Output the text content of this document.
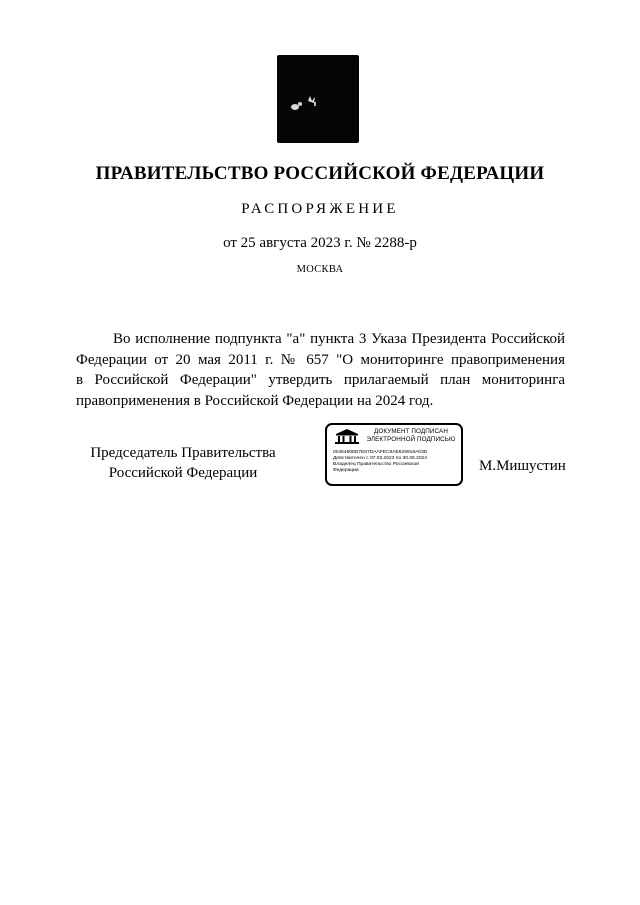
ПРАВИТЕЛЬСТВО РОССИЙСКОЙ ФЕДЕРАЦИИ
РАСПОРЯЖЕНИЕ
от 25 августа 2023 г. № 2288-р
МОСКВА

Во исполнение подпункта "а" пункта 3 Указа Президента Российской
Федерации от 20 мая 2011 г. № 657 "О мониторинге правоприменения
в Российской Федерации" утвердить прилагаемый план мониторинга
правоприменения в Российской Федерации на 2024 год.

Председатель Правительства
Российской Федерации
ДОКУМЕНТ ПОДПИСАН
ЭЛЕКТРОННОЙ ПОДПИСЬЮ
00454808D7E67DAAFEC9AE829918A03D
Действителен с 07.03.2023 по 30.05.2024
Владелец Правительство Российской
Федерации	М.Мишустин
